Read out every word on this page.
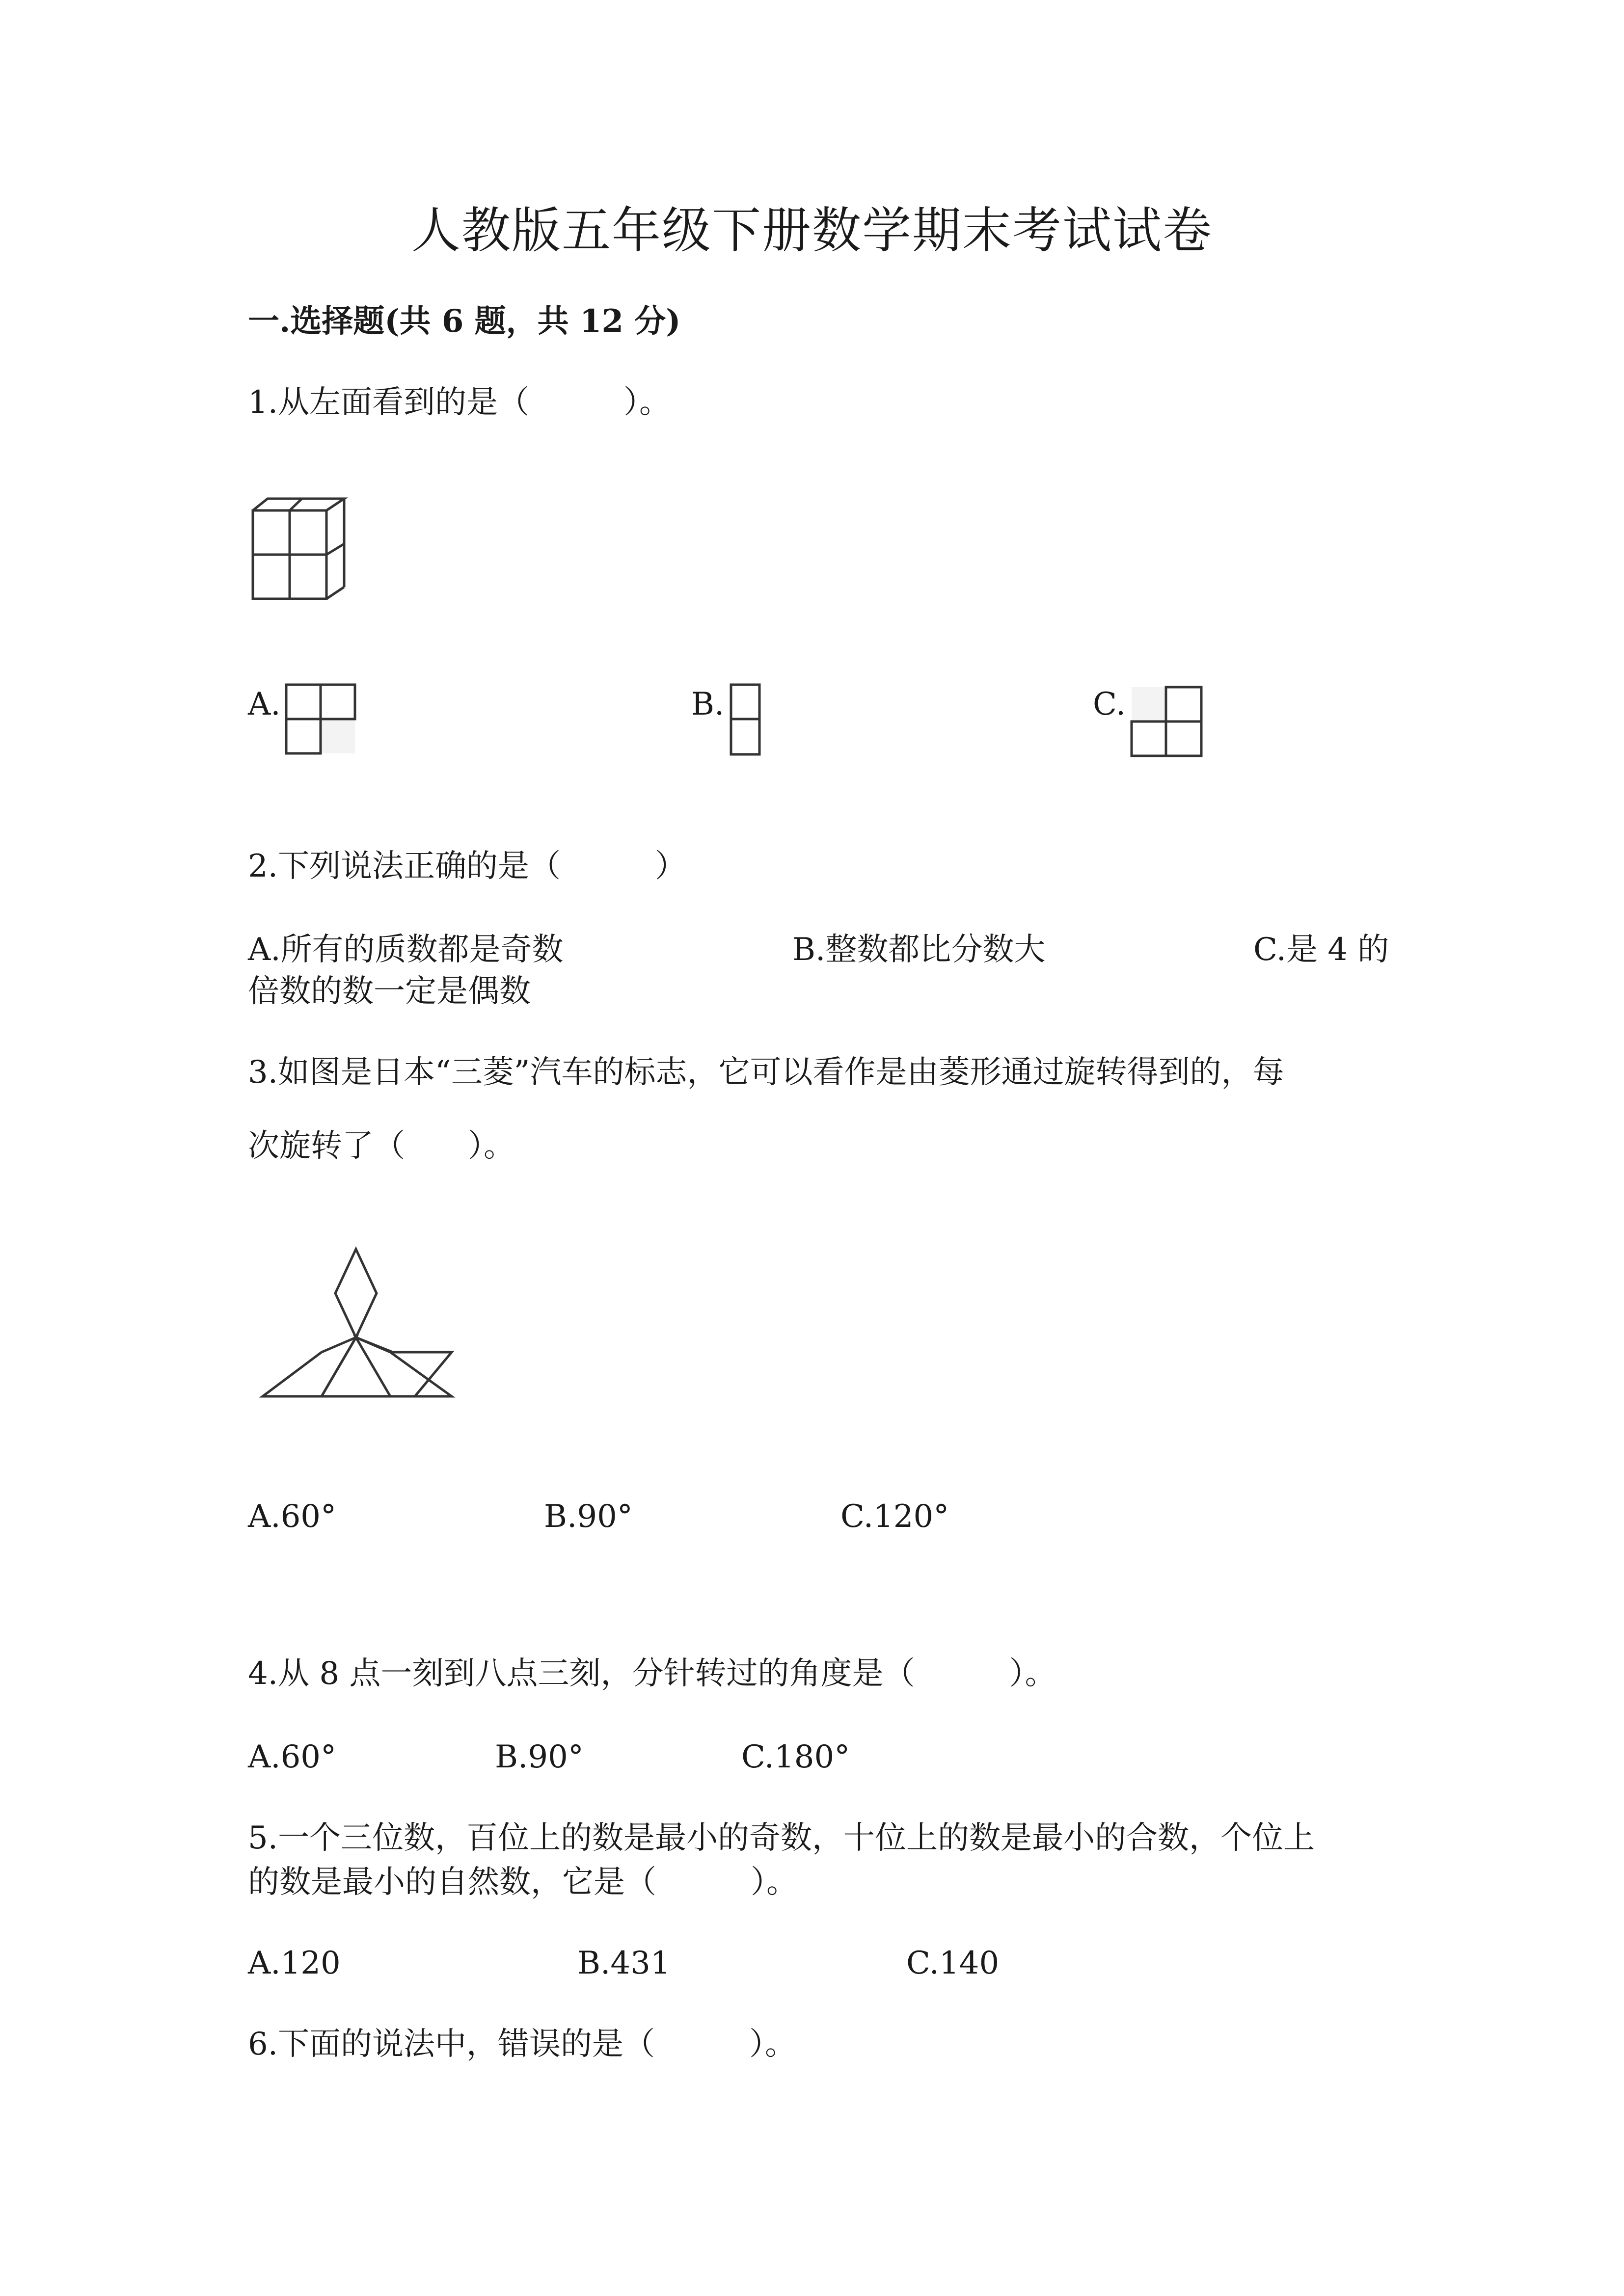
人教版五年级下册数学期末考试试卷
一.选择题(共 6 题，共 12 分)
1.从左面看到的是（　　　）。
A.	B.	C.
2.下列说法正确的是（　　　）
A.所有的质数都是奇数	B.整数都比分数大	C.是 4 的
倍数的数一定是偶数
3.如图是日本“三菱”汽车的标志，它可以看作是由菱形通过旋转得到的，每
次旋转了（　　）。
A.60°	B.90°	C.120°
4.从 8 点一刻到八点三刻，分针转过的角度是（　　　）。
A.60°	B.90°	C.180°
5.一个三位数，百位上的数是最小的奇数，十位上的数是最小的合数，个位上
的数是最小的自然数，它是（　　　）。
A.120	B.431	C.140
6.下面的说法中，错误的是（　　　）。
